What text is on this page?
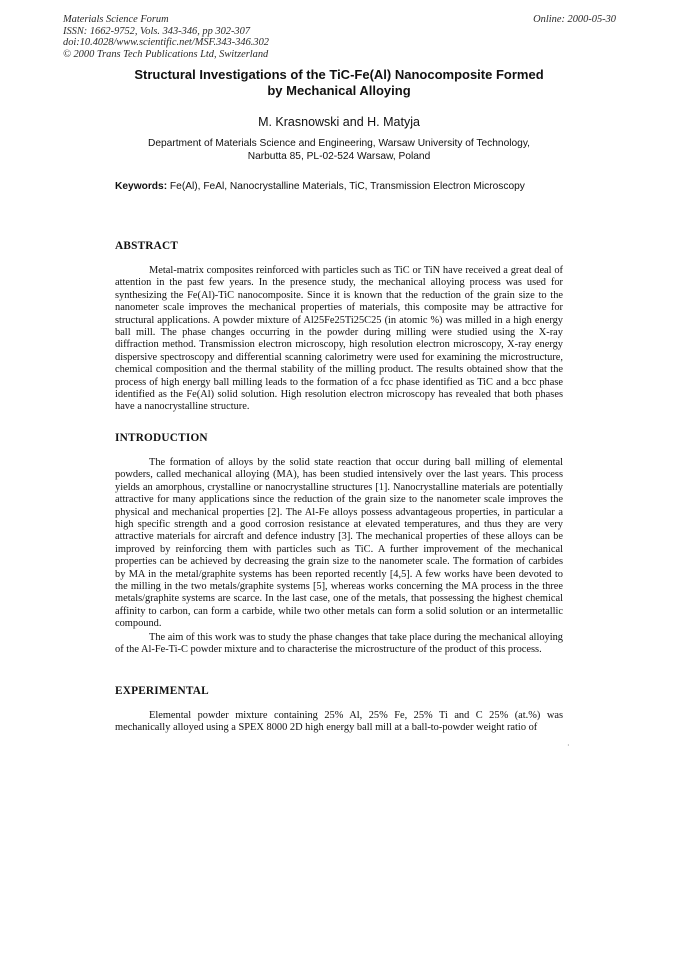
Materials Science Forum
ISSN: 1662-9752, Vols. 343-346, pp 302-307
doi:10.4028/www.scientific.net/MSF.343-346.302
© 2000 Trans Tech Publications Ltd, Switzerland
Online: 2000-05-30
Structural Investigations of the TiC-Fe(Al) Nanocomposite Formed
by Mechanical Alloying
M. Krasnowski and H. Matyja
Department of Materials Science and Engineering, Warsaw University of Technology,
Narbutta 85, PL-02-524 Warsaw, Poland
Keywords: Fe(Al), FeAl, Nanocrystalline Materials, TiC, Transmission Electron Microscopy
ABSTRACT
Metal-matrix composites reinforced with particles such as TiC or TiN have received a great deal of attention in the past few years. In the presence study, the mechanical alloying process was used for synthesizing the Fe(Al)-TiC nanocomposite. Since it is known that the reduction of the grain size to the nanometer scale improves the mechanical properties of materials, this composite may be attractive for structural applications. A powder mixture of Al25Fe25Ti25C25 (in atomic %) was milled in a high energy ball mill. The phase changes occurring in the powder during milling were studied using the X-ray diffraction method. Transmission electron microscopy, high resolution electron microscopy, X-ray energy dispersive spectroscopy and differential scanning calorimetry were used for examining the microstructure, chemical composition and the thermal stability of the milling product. The results obtained show that the process of high energy ball milling leads to the formation of a fcc phase identified as TiC and a bcc phase identified as the Fe(Al) solid solution. High resolution electron microscopy has revealed that both phases have a nanocrystalline structure.
INTRODUCTION
The formation of alloys by the solid state reaction that occur during ball milling of elemental powders, called mechanical alloying (MA), has been studied intensively over the last years. This process yields an amorphous, crystalline or nanocrystalline structures [1]. Nanocrystalline materials are potentially attractive for many applications since the reduction of the grain size to the nanometer scale improves the physical and mechanical properties [2]. The Al-Fe alloys possess advantageous properties, in particular a high specific strength and a good corrosion resistance at elevated temperatures, and thus they are very attractive materials for aircraft and defence industry [3]. The mechanical properties of these alloys can be improved by reinforcing them with particles such as TiC. A further improvement of the mechanical properties can be achieved by decreasing the grain size to the nanometer scale. The formation of carbides by MA in the metal/graphite systems has been reported recently [4,5]. A few works have been devoted to the milling in the two metals/graphite systems [5], whereas works concerning the MA process in the three metals/graphite systems are scarce. In the last case, one of the metals, that possessing the highest chemical affinity to carbon, can form a carbide, while two other metals can form a solid solution or an intermetallic compound.
The aim of this work was to study the phase changes that take place during the mechanical alloying of the Al-Fe-Ti-C powder mixture and to characterise the microstructure of the product of this process.
EXPERIMENTAL
Elemental powder mixture containing 25% Al, 25% Fe, 25% Ti and C 25% (at.%) was mechanically alloyed using a SPEX 8000 2D high energy ball mill at a ball-to-powder weight ratio of
·
